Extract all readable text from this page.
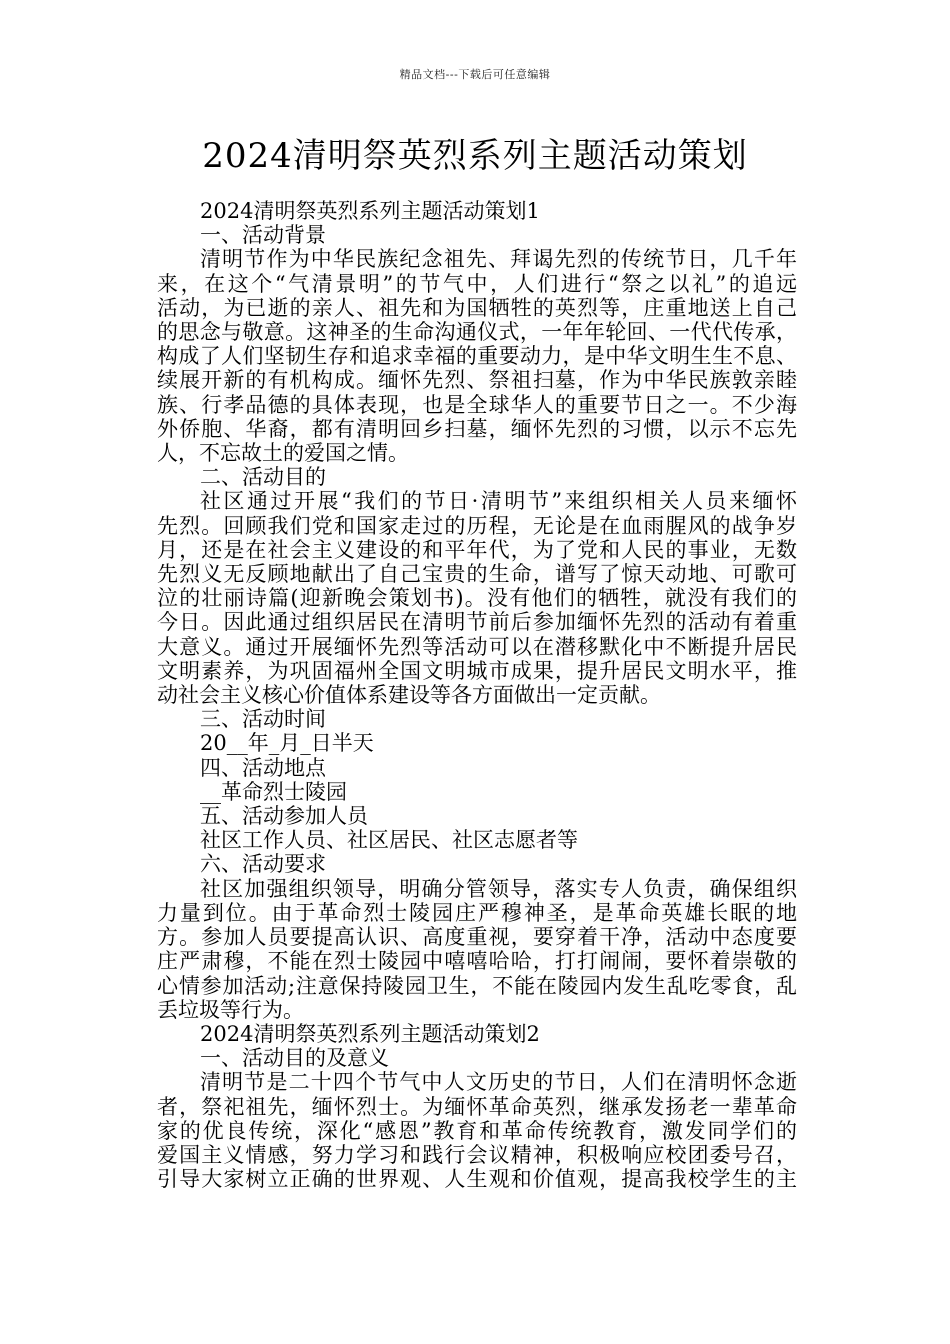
精品文档---下载后可任意编辑
2024清明祭英烈系列主题活动策划
2024清明祭英烈系列主题活动策划1
一、活动背景
清明节作为中华民族纪念祖先、拜谒先烈的传统节日，几千年
来，在这个“气清景明”的节气中，人们进行“祭之以礼”的追远
活动，为已逝的亲人、祖先和为国牺牲的英烈等，庄重地送上自己
的思念与敬意。这神圣的生命沟通仪式，一年年轮回、一代代传承，
构成了人们坚韧生存和追求幸福的重要动力，是中华文明生生不息、
续展开新的有机构成。缅怀先烈、祭祖扫墓，作为中华民族敦亲睦
族、行孝品德的具体表现，也是全球华人的重要节日之一。不少海
外侨胞、华裔，都有清明回乡扫墓，缅怀先烈的习惯，以示不忘先
人，不忘故土的爱国之情。
二、活动目的
社区通过开展“我们的节日·清明节”来组织相关人员来缅怀
先烈。回顾我们党和国家走过的历程，无论是在血雨腥风的战争岁
月，还是在社会主义建设的和平年代，为了党和人民的事业，无数
先烈义无反顾地献出了自己宝贵的生命，谱写了惊天动地、可歌可
泣的壮丽诗篇(迎新晚会策划书)。没有他们的牺牲，就没有我们的
今日。因此通过组织居民在清明节前后参加缅怀先烈的活动有着重
大意义。通过开展缅怀先烈等活动可以在潜移默化中不断提升居民
文明素养，为巩固福州全国文明城市成果，提升居民文明水平，推
动社会主义核心价值体系建设等各方面做出一定贡献。
三、活动时间
20__年_月_日半天
四、活动地点
__革命烈士陵园
五、活动参加人员
社区工作人员、社区居民、社区志愿者等
六、活动要求
社区加强组织领导，明确分管领导，落实专人负责，确保组织
力量到位。由于革命烈士陵园庄严穆神圣，是革命英雄长眠的地
方。参加人员要提高认识、高度重视，要穿着干净，活动中态度要
庄严肃穆，不能在烈士陵园中嘻嘻哈哈，打打闹闹，要怀着崇敬的
心情参加活动;注意保持陵园卫生，不能在陵园内发生乱吃零食，乱
丢垃圾等行为。
2024清明祭英烈系列主题活动策划2
一、活动目的及意义
清明节是二十四个节气中人文历史的节日，人们在清明怀念逝
者，祭祀祖先，缅怀烈士。为缅怀革命英烈，继承发扬老一辈革命
家的优良传统，深化“感恩”教育和革命传统教育，激发同学们的
爱国主义情感，努力学习和践行会议精神，积极响应校团委号召，
引导大家树立正确的世界观、人生观和价值观，提高我校学生的主
